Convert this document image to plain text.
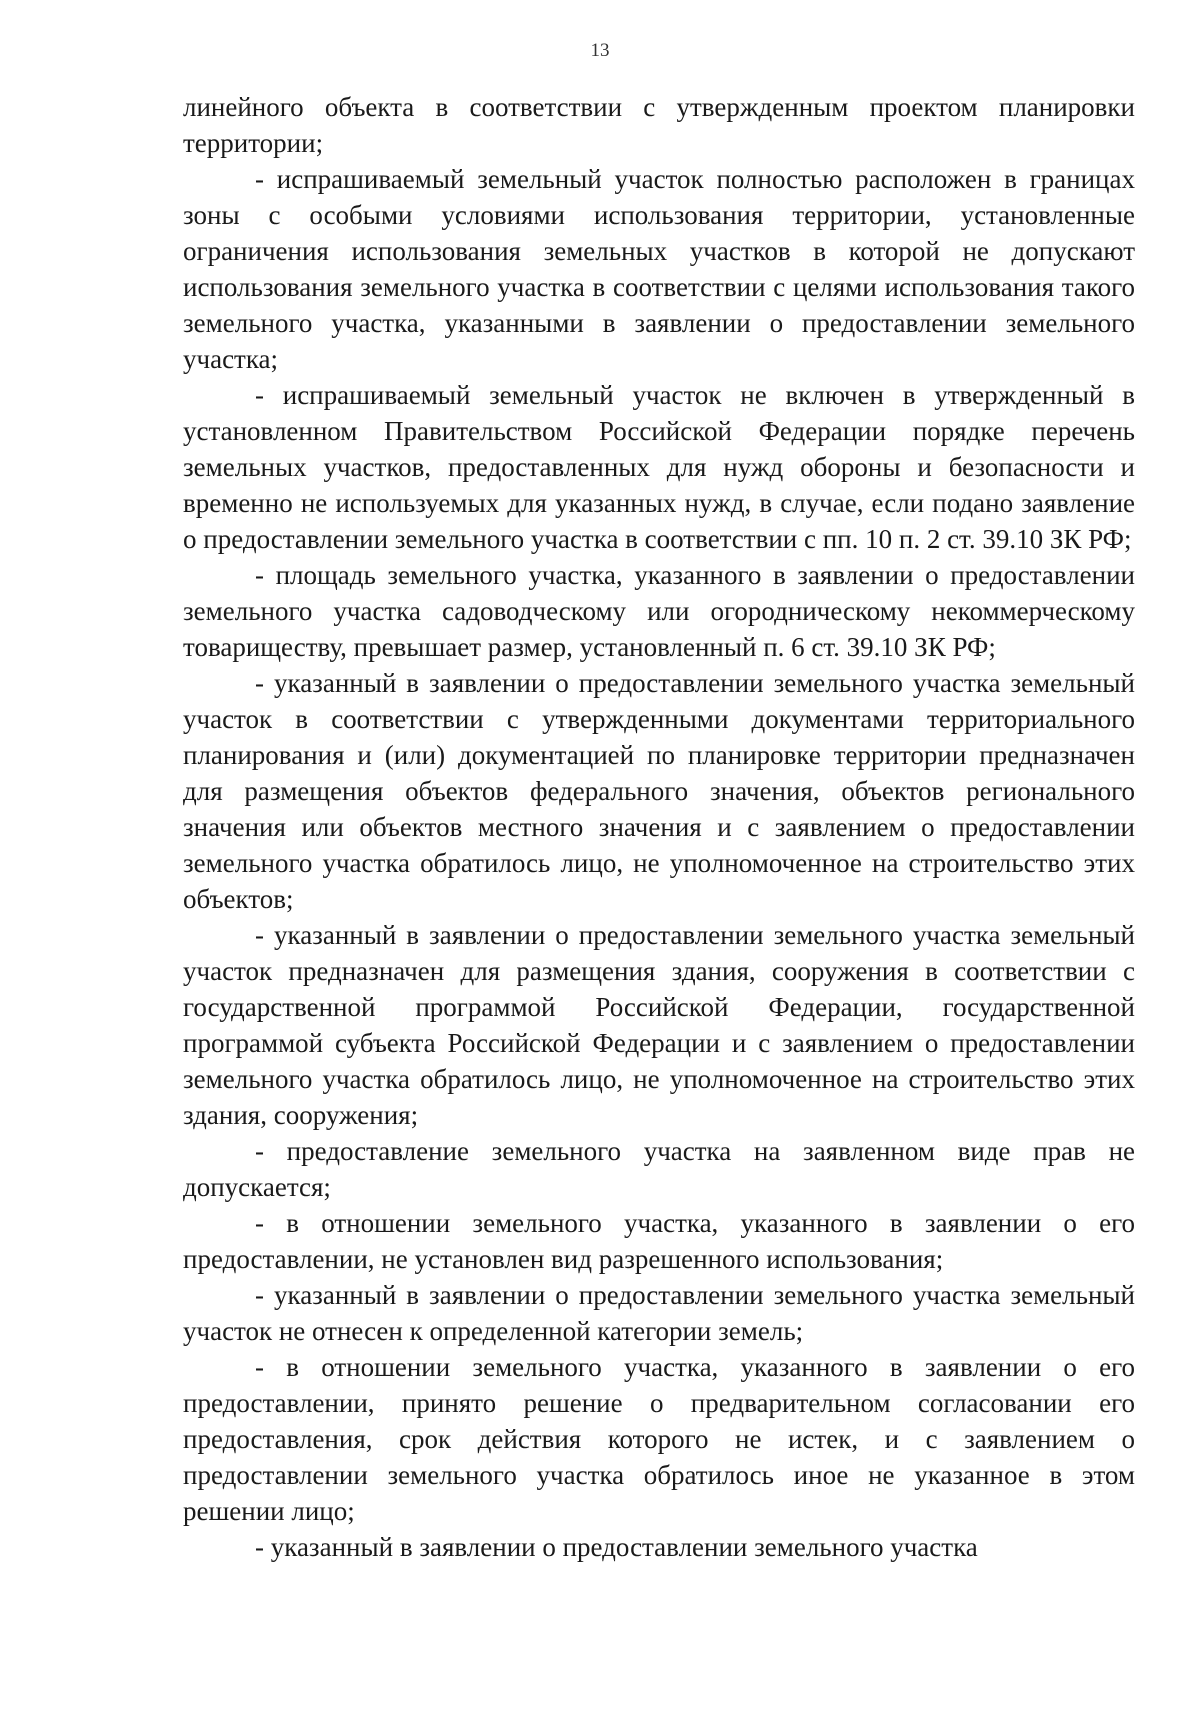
13

линейного объекта в соответствии с утвержденным проектом планировки территории;

- испрашиваемый земельный участок полностью расположен в границах зоны с особыми условиями использования территории, установленные ограничения использования земельных участков в которой не допускают использования земельного участка в соответствии с целями использования такого земельного участка, указанными в заявлении о предоставлении земельного участка;

- испрашиваемый земельный участок не включен в утвержденный в установленном Правительством Российской Федерации порядке перечень земельных участков, предоставленных для нужд обороны и безопасности и временно не используемых для указанных нужд, в случае, если подано заявление о предоставлении земельного участка в соответствии с пп. 10 п. 2 ст. 39.10 ЗК РФ;

- площадь земельного участка, указанного в заявлении о предоставлении земельного участка садоводческому или огородническому некоммерческому товариществу, превышает размер, установленный п. 6 ст. 39.10 ЗК РФ;

- указанный в заявлении о предоставлении земельного участка земельный участок в соответствии с утвержденными документами территориального планирования и (или) документацией по планировке территории предназначен для размещения объектов федерального значения, объектов регионального значения или объектов местного значения и с заявлением о предоставлении земельного участка обратилось лицо, не уполномоченное на строительство этих объектов;

- указанный в заявлении о предоставлении земельного участка земельный участок предназначен для размещения здания, сооружения в соответствии с государственной программой Российской Федерации, государственной программой субъекта Российской Федерации и с заявлением о предоставлении земельного участка обратилось лицо, не уполномоченное на строительство этих здания, сооружения;

- предоставление земельного участка на заявленном виде прав не допускается;

- в отношении земельного участка, указанного в заявлении о его предоставлении, не установлен вид разрешенного использования;

- указанный в заявлении о предоставлении земельного участка земельный участок не отнесен к определенной категории земель;

- в отношении земельного участка, указанного в заявлении о его предоставлении, принято решение о предварительном согласовании его предоставления, срок действия которого не истек, и с заявлением о предоставлении земельного участка обратилось иное не указанное в этом решении лицо;

- указанный в заявлении о предоставлении земельного участка
